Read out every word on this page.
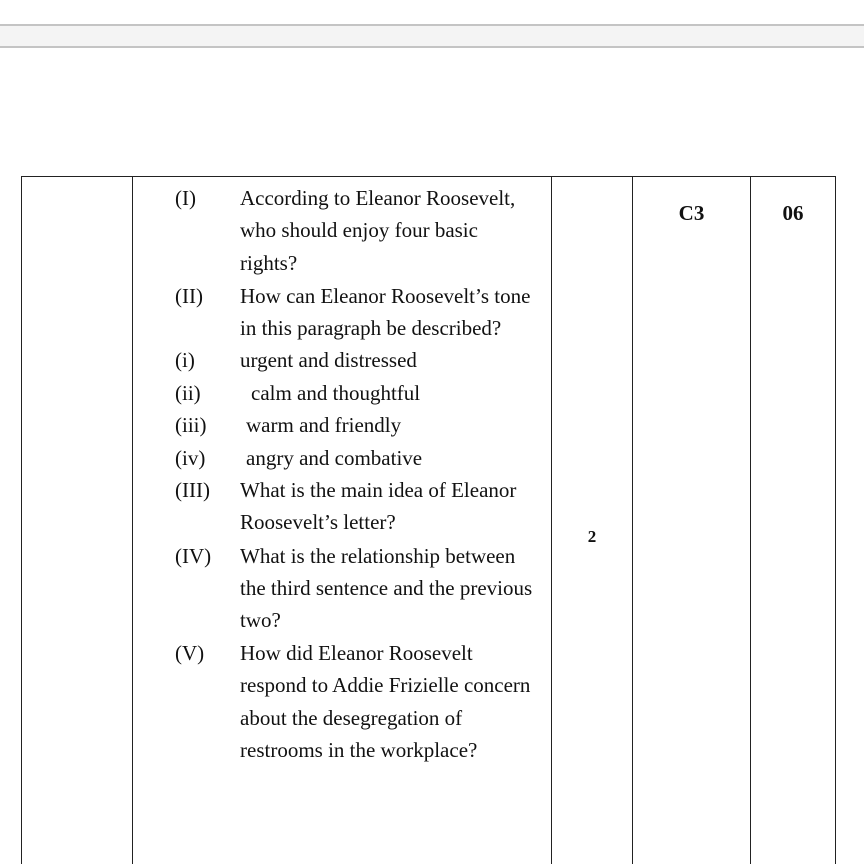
(I) According to Eleanor Roosevelt,
who should enjoy four basic
rights?
(II) How can Eleanor Roosevelt’s tone
in this paragraph be described?
(i) urgent and distressed
(ii) calm and thoughtful
(iii) warm and friendly
(iv) angry and combative
(III) What is the main idea of Eleanor
Roosevelt’s letter?
(IV) What is the relationship between
the third sentence and the previous
two?
(V) How did Eleanor Roosevelt
respond to Addie Frizielle concern
about the desegregation of
restrooms in the workplace?
2
C3	06
